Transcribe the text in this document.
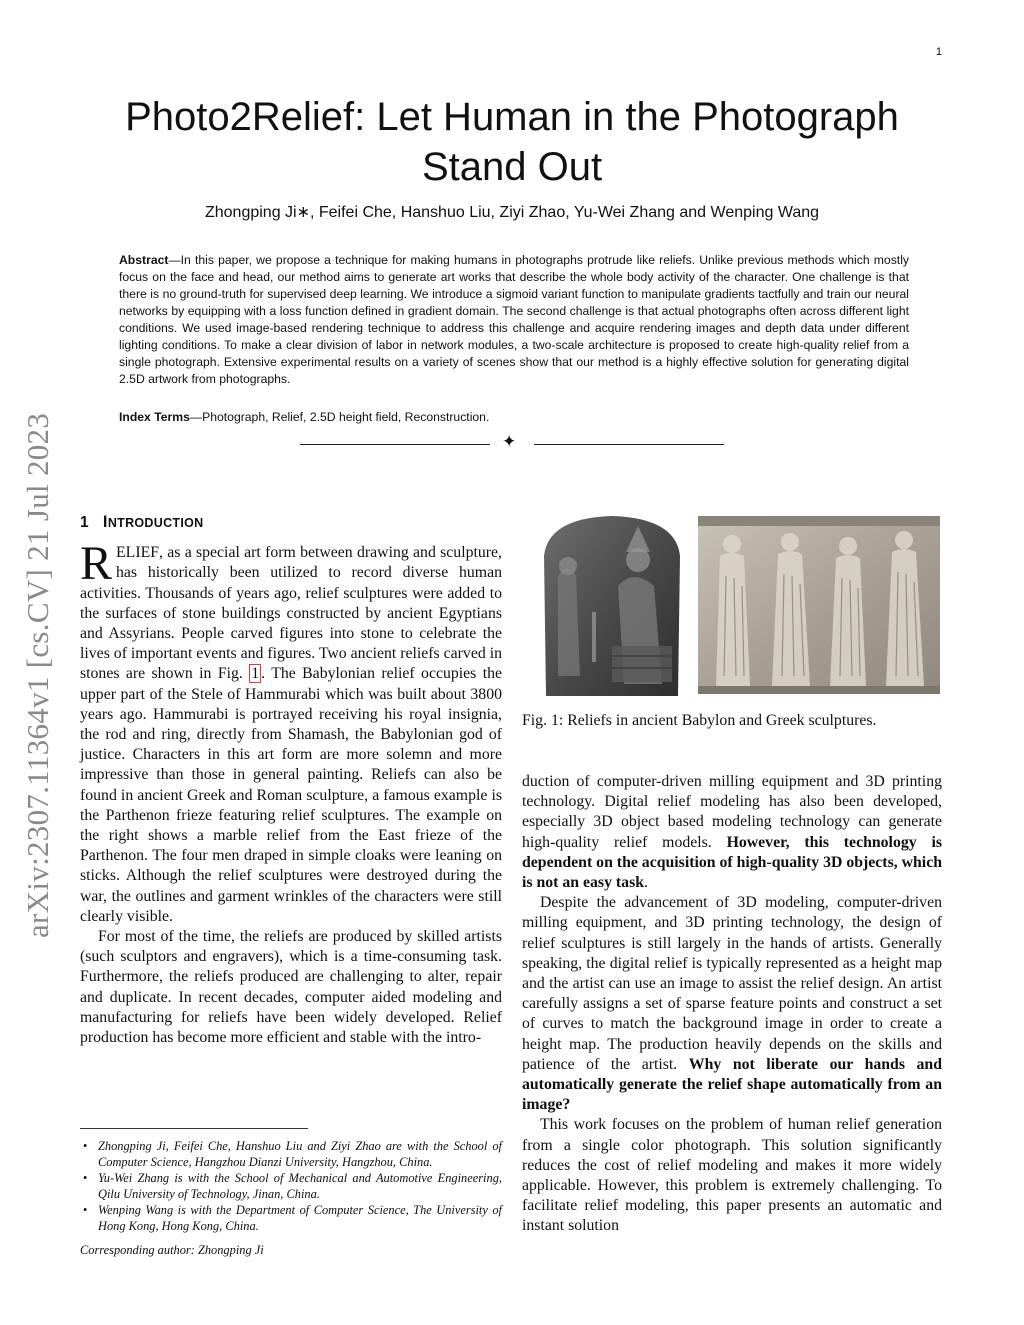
1
Photo2Relief: Let Human in the Photograph Stand Out
Zhongping Ji∗, Feifei Che, Hanshuo Liu, Ziyi Zhao, Yu-Wei Zhang and Wenping Wang

Abstract—In this paper, we propose a technique for making humans in photographs protrude like reliefs. Unlike previous methods which mostly focus on the face and head, our method aims to generate art works that describe the whole body activity of the character. One challenge is that there is no ground-truth for supervised deep learning. We introduce a sigmoid variant function to manipulate gradients tactfully and train our neural networks by equipping with a loss function defined in gradient domain. The second challenge is that actual photographs often across different light conditions. We used image-based rendering technique to address this challenge and acquire rendering images and depth data under different lighting conditions. To make a clear division of labor in network modules, a two-scale architecture is proposed to create high-quality relief from a single photograph. Extensive experimental results on a variety of scenes show that our method is a highly effective solution for generating digital 2.5D artwork from photographs.

Index Terms—Photograph, Relief, 2.5D height field, Reconstruction.

✦
arXiv:2307.11364v1 [cs.CV] 21 Jul 2023 1 INTRODUCTION

RELIEF, as a special art form between drawing and sculpture, has historically been utilized to record diverse human activities. Thousands of years ago, relief sculptures were added to the surfaces of stone buildings constructed by ancient Egyptians and Assyrians. People carved figures into stone to celebrate the lives of important events and figures. Two ancient reliefs carved in stones are shown in Fig. 1 . The Babylonian relief occupies the upper part of the Stele of Hammurabi which was built about 3800 years ago. Hammurabi is portrayed receiving his royal insignia, the rod and ring, directly from Shamash, the Babylonian god of justice. Characters in this art form are more solemn and more impressive than those in general painting. Reliefs can also be found in ancient Greek and Roman sculpture, a famous example is the Parthenon frieze featuring relief sculptures. The example on the right shows a marble relief from the East frieze of the Parthenon. The four men draped in simple cloaks were leaning on sticks. Although the relief sculptures were destroyed during the war, the outlines and garment wrinkles of the characters were still clearly visible.

For most of the time, the reliefs are produced by skilled artists (such sculptors and engravers), which is a time-consuming task. Furthermore, the reliefs produced are challenging to alter, repair and duplicate. In recent decades, computer aided modeling and manufacturing for reliefs have been widely developed. Relief production has become more efficient and stable with the intro-

• Zhongping Ji, Feifei Che, Hanshuo Liu and Ziyi Zhao are with the School of Computer Science, Hangzhou Dianzi University, Hangzhou, China.
• Yu-Wei Zhang is with the School of Mechanical and Automotive Engineering, Qilu University of Technology, Jinan, China.
• Wenping Wang is with the Department of Computer Science, The University of Hong Kong, Hong Kong, China.
Corresponding author: Zhongping Ji
Fig. 1: Reliefs in ancient Babylon and Greek sculptures.

duction of computer-driven milling equipment and 3D printing technology. Digital relief modeling has also been developed, especially 3D object based modeling technology can generate high-quality relief models. However, this technology is dependent on the acquisition of high-quality 3D objects, which is not an easy task.

Despite the advancement of 3D modeling, computer-driven milling equipment, and 3D printing technology, the design of relief sculptures is still largely in the hands of artists. Generally speaking, the digital relief is typically represented as a height map and the artist can use an image to assist the relief design. An artist carefully assigns a set of sparse feature points and construct a set of curves to match the background image in order to create a height map. The production heavily depends on the skills and patience of the artist. Why not liberate our hands and automatically generate the relief shape automatically from an image?

This work focuses on the problem of human relief generation from a single color photograph. This solution significantly reduces the cost of relief modeling and makes it more widely applicable. However, this problem is extremely challenging. To facilitate relief modeling, this paper presents an automatic and instant solution
